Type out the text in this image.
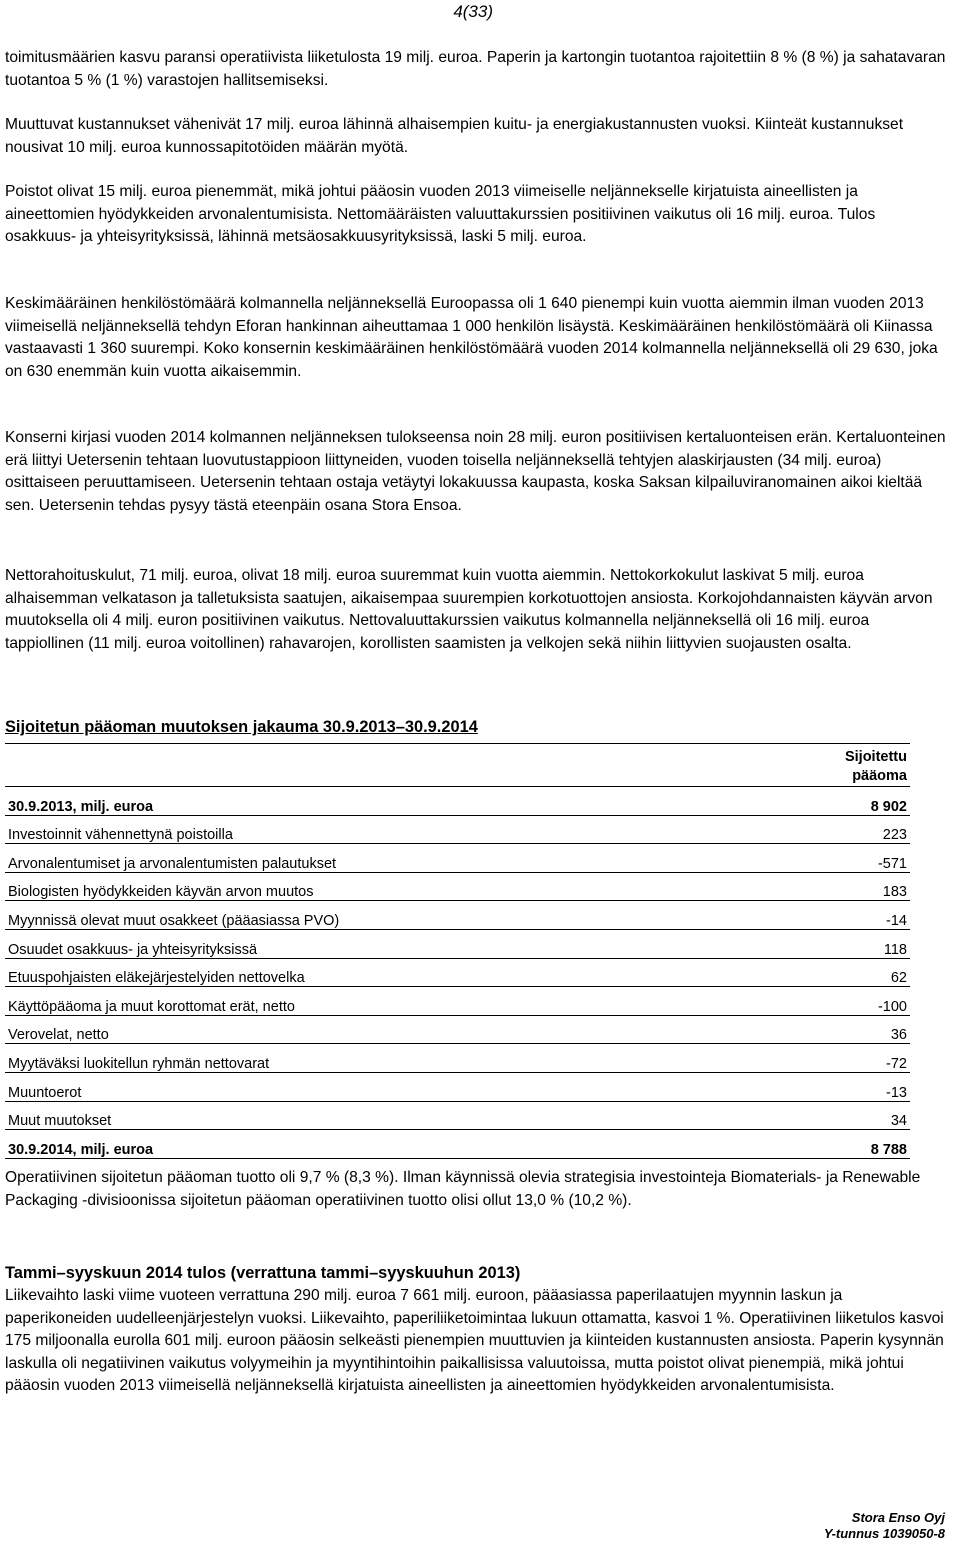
4(33)

toimitusmäärien kasvu paransi operatiivista liiketulosta 19 milj. euroa. Paperin ja kartongin tuotantoa rajoitettiin 8 % (8 %) ja sahatavaran tuotantoa 5 % (1 %) varastojen hallitsemiseksi.

Muuttuvat kustannukset vähenivät 17 milj. euroa lähinnä alhaisempien kuitu- ja energiakustannusten vuoksi. Kiinteät kustannukset nousivat 10 milj. euroa kunnossapitotöiden määrän myötä.

Poistot olivat 15 milj. euroa pienemmät, mikä johtui pääosin vuoden 2013 viimeiselle neljännekselle kirjatuista aineellisten ja aineettomien hyödykkeiden arvonalentumisista. Nettomääräisten valuuttakurssien positiivinen vaikutus oli 16 milj. euroa. Tulos osakkuus- ja yhteisyrityksissä, lähinnä metsäosakkuusyrityksissä, laski 5 milj. euroa.

Keskimääräinen henkilöstömäärä kolmannella neljänneksellä Euroopassa oli 1 640 pienempi kuin vuotta aiemmin ilman vuoden 2013 viimeisellä neljänneksellä tehdyn Eforan hankinnan aiheuttamaa 1 000 henkilön lisäystä. Keskimääräinen henkilöstömäärä oli Kiinassa vastaavasti 1 360 suurempi. Koko konsernin keskimääräinen henkilöstömäärä vuoden 2014 kolmannella neljänneksellä oli 29 630, joka on 630 enemmän kuin vuotta aikaisemmin.

Konserni kirjasi vuoden 2014 kolmannen neljänneksen tulokseensa noin 28 milj. euron positiivisen kertaluonteisen erän. Kertaluonteinen erä liittyi Uetersenin tehtaan luovutustappioon liittyneiden, vuoden toisella neljänneksellä tehtyjen alaskirjausten (34 milj. euroa) osittaiseen peruuttamiseen. Uetersenin tehtaan ostaja vetäytyi lokakuussa kaupasta, koska Saksan kilpailuviranomainen aikoi kieltää sen. Uetersenin tehdas pysyy tästä eteenpäin osana Stora Ensoa.

Nettorahoituskulut, 71 milj. euroa, olivat 18 milj. euroa suuremmat kuin vuotta aiemmin. Nettokorkokulut laskivat 5 milj. euroa alhaisemman velkatason ja talletuksista saatujen, aikaisempaa suurempien korkotuottojen ansiosta. Korkojohdannaisten käyvän arvon muutoksella oli 4 milj. euron positiivinen vaikutus. Nettovaluuttakurssien vaikutus kolmannella neljänneksellä oli 16 milj. euroa tappiollinen (11 milj. euroa voitollinen) rahavarojen, korollisten saamisten ja velkojen sekä niihin liittyvien suojausten osalta.

Sijoitetun pääoman muutoksen jakauma 30.9.2013–30.9.2014
	Sijoitettu
pääoma
30.9.2013, milj. euroa	8 902
Investoinnit vähennettynä poistoilla	223
Arvonalentumiset ja arvonalentumisten palautukset	-571
Biologisten hyödykkeiden käyvän arvon muutos	183
Myynnissä olevat muut osakkeet (pääasiassa PVO)	-14
Osuudet osakkuus- ja yhteisyrityksissä	118
Etuuspohjaisten eläkejärjestelyiden nettovelka	62
Käyttöpääoma ja muut korottomat erät, netto	-100
Verovelat, netto	36
Myytäväksi luokitellun ryhmän nettovarat	-72
Muuntoerot	-13
Muut muutokset	34
30.9.2014, milj. euroa	8 788

Operatiivinen sijoitetun pääoman tuotto oli 9,7 % (8,3 %). Ilman käynnissä olevia strategisia investointeja Biomaterials- ja Renewable Packaging -divisioonissa sijoitetun pääoman operatiivinen tuotto olisi ollut 13,0 % (10,2 %).

Tammi–syyskuun 2014 tulos (verrattuna tammi–syyskuuhun 2013)

Liikevaihto laski viime vuoteen verrattuna 290 milj. euroa 7 661 milj. euroon, pääasiassa paperilaatujen myynnin laskun ja paperikoneiden uudelleenjärjestelyn vuoksi. Liikevaihto, paperiliiketoimintaa lukuun ottamatta, kasvoi 1 %. Operatiivinen liiketulos kasvoi 175 miljoonalla eurolla 601 milj. euroon pääosin selkeästi pienempien muuttuvien ja kiinteiden kustannusten ansiosta. Paperin kysynnän laskulla oli negatiivinen vaikutus volyymeihin ja myyntihintoihin paikallisissa valuutoissa, mutta poistot olivat pienempiä, mikä johtui pääosin vuoden 2013 viimeisellä neljänneksellä kirjatuista aineellisten ja aineettomien hyödykkeiden arvonalentumisista.

Stora Enso Oyj
Y-tunnus 1039050-8
